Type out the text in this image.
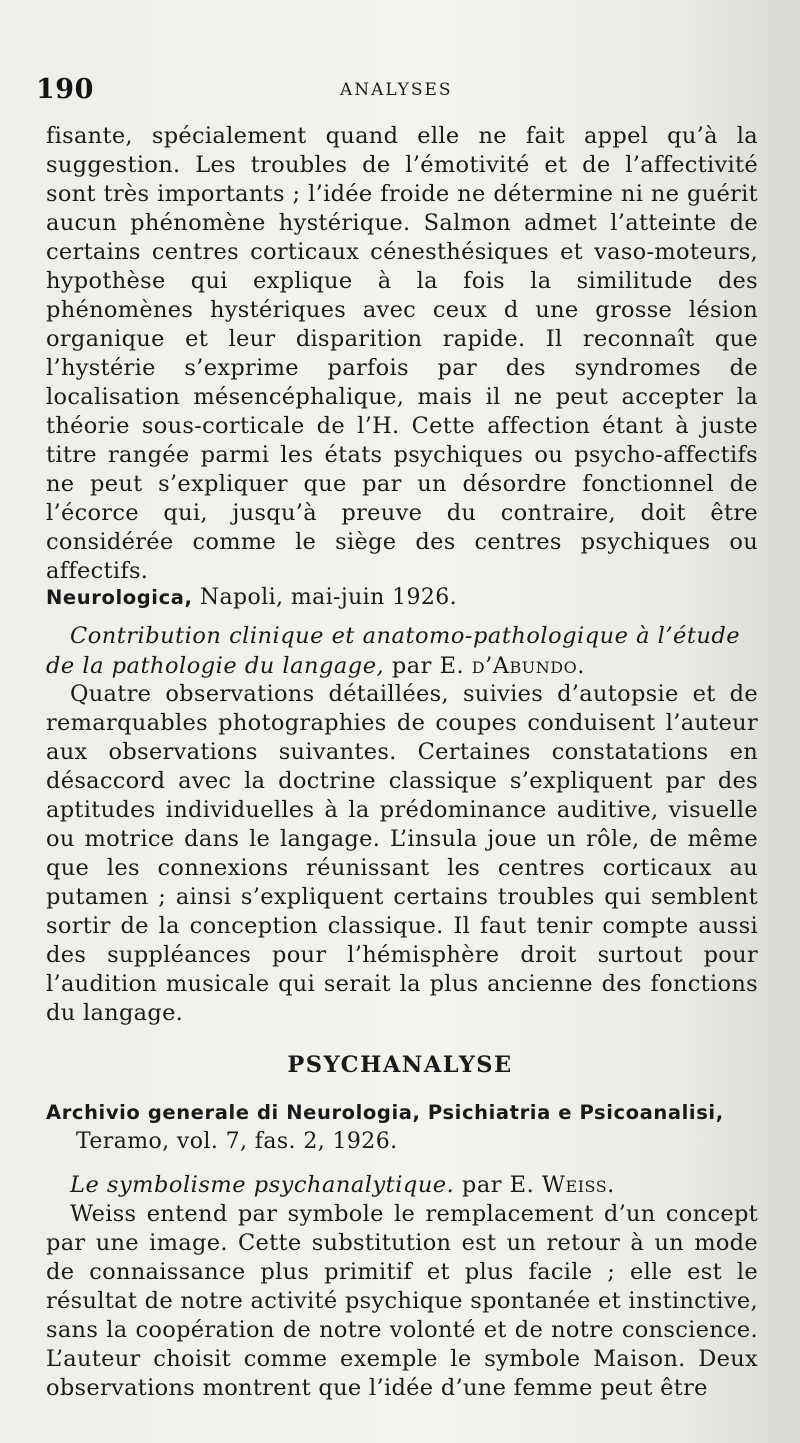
190	ANALYSES

fisante, spécialement quand elle ne fait appel qu’à la suggestion. Les troubles de l’émotivité et de l’affectivité sont très importants ; l’idée froide ne détermine ni ne guérit aucun phénomène hystérique. Salmon admet l’atteinte de certains centres corticaux cénesthésiques et vaso-moteurs, hypothèse qui explique à la fois la similitude des phénomènes hystériques avec ceux d une grosse lésion organique et leur disparition rapide. Il reconnaît que l’hystérie s’exprime parfois par des syndromes de localisation mésencéphalique, mais il ne peut accepter la théorie sous-corticale de l’H. Cette affection étant à juste titre rangée parmi les états psychiques ou psycho-affectifs ne peut s’expliquer que par un désordre fonctionnel de l’écorce qui, jusqu’à preuve du contraire, doit être considérée comme le siège des centres psychiques ou affectifs.

Neurologica, Napoli, mai-juin 1926.

Contribution clinique et anatomo-pathologique à l’étude
de la pathologie du langage, par E. d’Abundo.

Quatre observations détaillées, suivies d’autopsie et de remarquables photographies de coupes conduisent l’auteur aux observations suivantes. Certaines constatations en désaccord avec la doctrine classique s’expliquent par des aptitudes individuelles à la prédominance auditive, visuelle ou motrice dans le langage. L’insula joue un rôle, de même que les connexions réunissant les centres corticaux au putamen ; ainsi s’expliquent certains troubles qui semblent sortir de la conception classique. Il faut tenir compte aussi des suppléances pour l’hémisphère droit surtout pour l’audition musicale qui serait la plus ancienne des fonctions du langage.

PSYCHANALYSE

Archivio generale di Neurologia, Psichiatria e Psicoanalisi,
Teramo, vol. 7, fas. 2, 1926.

Le symbolisme psychanalytique. par E. Weiss.

Weiss entend par symbole le remplacement d’un concept par une image. Cette substitution est un retour à un mode de connaissance plus primitif et plus facile ; elle est le résultat de notre activité psychique spontanée et instinctive, sans la coopération de notre volonté et de notre conscience. L’auteur choisit comme exemple le symbole Maison. Deux observations montrent que l’idée d’une femme peut être
